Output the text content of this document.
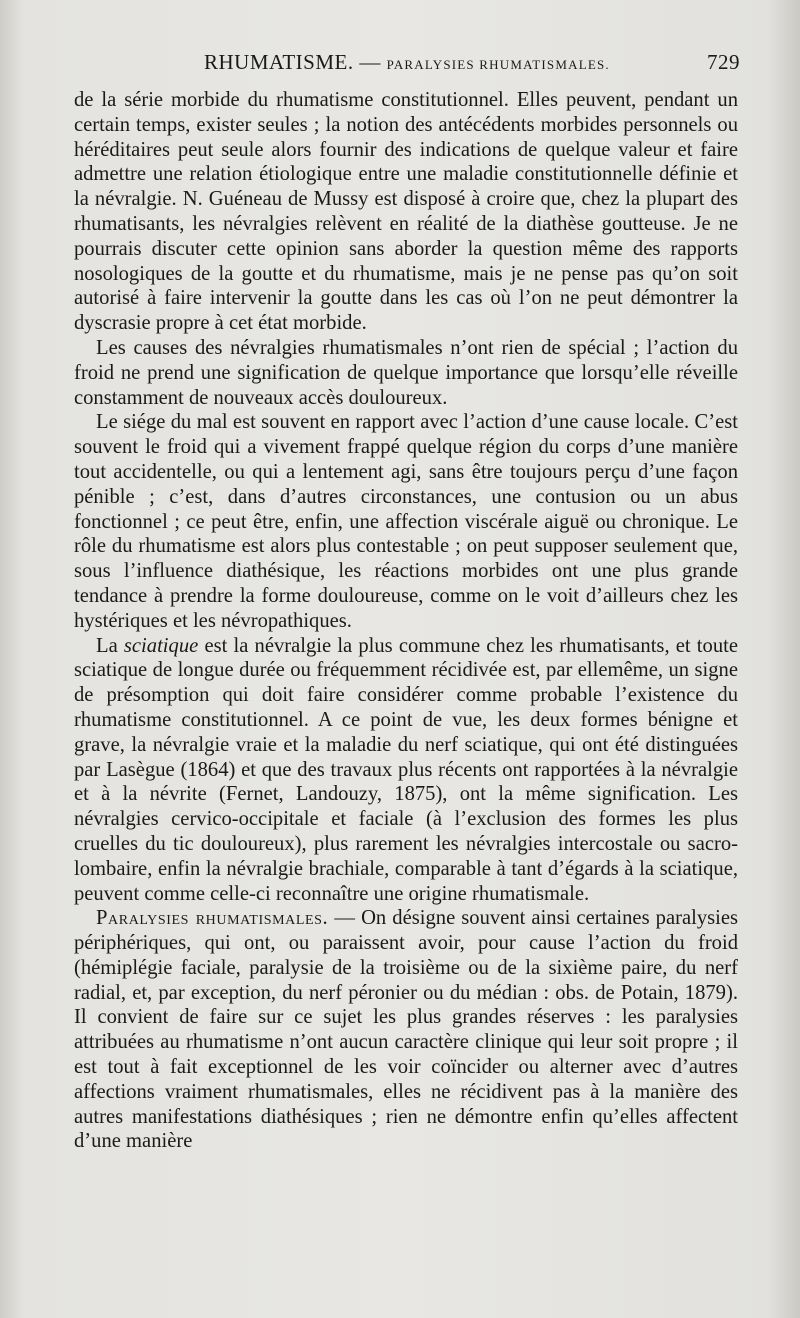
RHUMATISME. — PARALYSIES RHUMATISMALES.	729

de la série morbide du rhumatisme constitutionnel. Elles peuvent, pendant un certain temps, exister seules ; la notion des antécédents morbides personnels ou héréditaires peut seule alors fournir des indications de quelque valeur et faire admettre une relation étiologique entre une maladie constitutionnelle définie et la névralgie. N. Guéneau de Mussy est disposé à croire que, chez la plupart des rhumatisants, les névralgies relèvent en réalité de la diathèse goutteuse. Je ne pourrais discuter cette opinion sans aborder la question même des rapports nosologiques de la goutte et du rhumatisme, mais je ne pense pas qu’on soit autorisé à faire intervenir la goutte dans les cas où l’on ne peut démontrer la dyscrasie propre à cet état morbide.

Les causes des névralgies rhumatismales n’ont rien de spécial ; l’action du froid ne prend une signification de quelque importance que lorsqu’elle réveille constamment de nouveaux accès douloureux.

Le siége du mal est souvent en rapport avec l’action d’une cause locale. C’est souvent le froid qui a vivement frappé quelque région du corps d’une manière tout accidentelle, ou qui a lentement agi, sans être toujours perçu d’une façon pénible ; c’est, dans d’autres circonstances, une contusion ou un abus fonctionnel ; ce peut être, enfin, une affection viscérale aiguë ou chronique. Le rôle du rhumatisme est alors plus contestable ; on peut supposer seulement que, sous l’influence diathésique, les réactions morbides ont une plus grande tendance à prendre la forme douloureuse, comme on le voit d’ailleurs chez les hystériques et les névropathiques.

La sciatique est la névralgie la plus commune chez les rhumatisants, et toute sciatique de longue durée ou fréquemment récidivée est, par ellemême, un signe de présomption qui doit faire considérer comme probable l’existence du rhumatisme constitutionnel. A ce point de vue, les deux formes bénigne et grave, la névralgie vraie et la maladie du nerf sciatique, qui ont été distinguées par Lasègue (1864) et que des travaux plus récents ont rapportées à la névralgie et à la névrite (Fernet, Landouzy, 1875), ont la même signification. Les névralgies cervico-occipitale et faciale (à l’exclusion des formes les plus cruelles du tic douloureux), plus rarement les névralgies intercostale ou sacro-lombaire, enfin la névralgie brachiale, comparable à tant d’égards à la sciatique, peuvent comme celle-ci reconnaître une origine rhumatismale.

Paralysies rhumatismales. — On désigne souvent ainsi certaines paralysies périphériques, qui ont, ou paraissent avoir, pour cause l’action du froid (hémiplégie faciale, paralysie de la troisième ou de la sixième paire, du nerf radial, et, par exception, du nerf péronier ou du médian : obs. de Potain, 1879). Il convient de faire sur ce sujet les plus grandes réserves : les paralysies attribuées au rhumatisme n’ont aucun caractère clinique qui leur soit propre ; il est tout à fait exceptionnel de les voir coïncider ou alterner avec d’autres affections vraiment rhumatismales, elles ne récidivent pas à la manière des autres manifestations diathésiques ; rien ne démontre enfin qu’elles affectent d’une manière
